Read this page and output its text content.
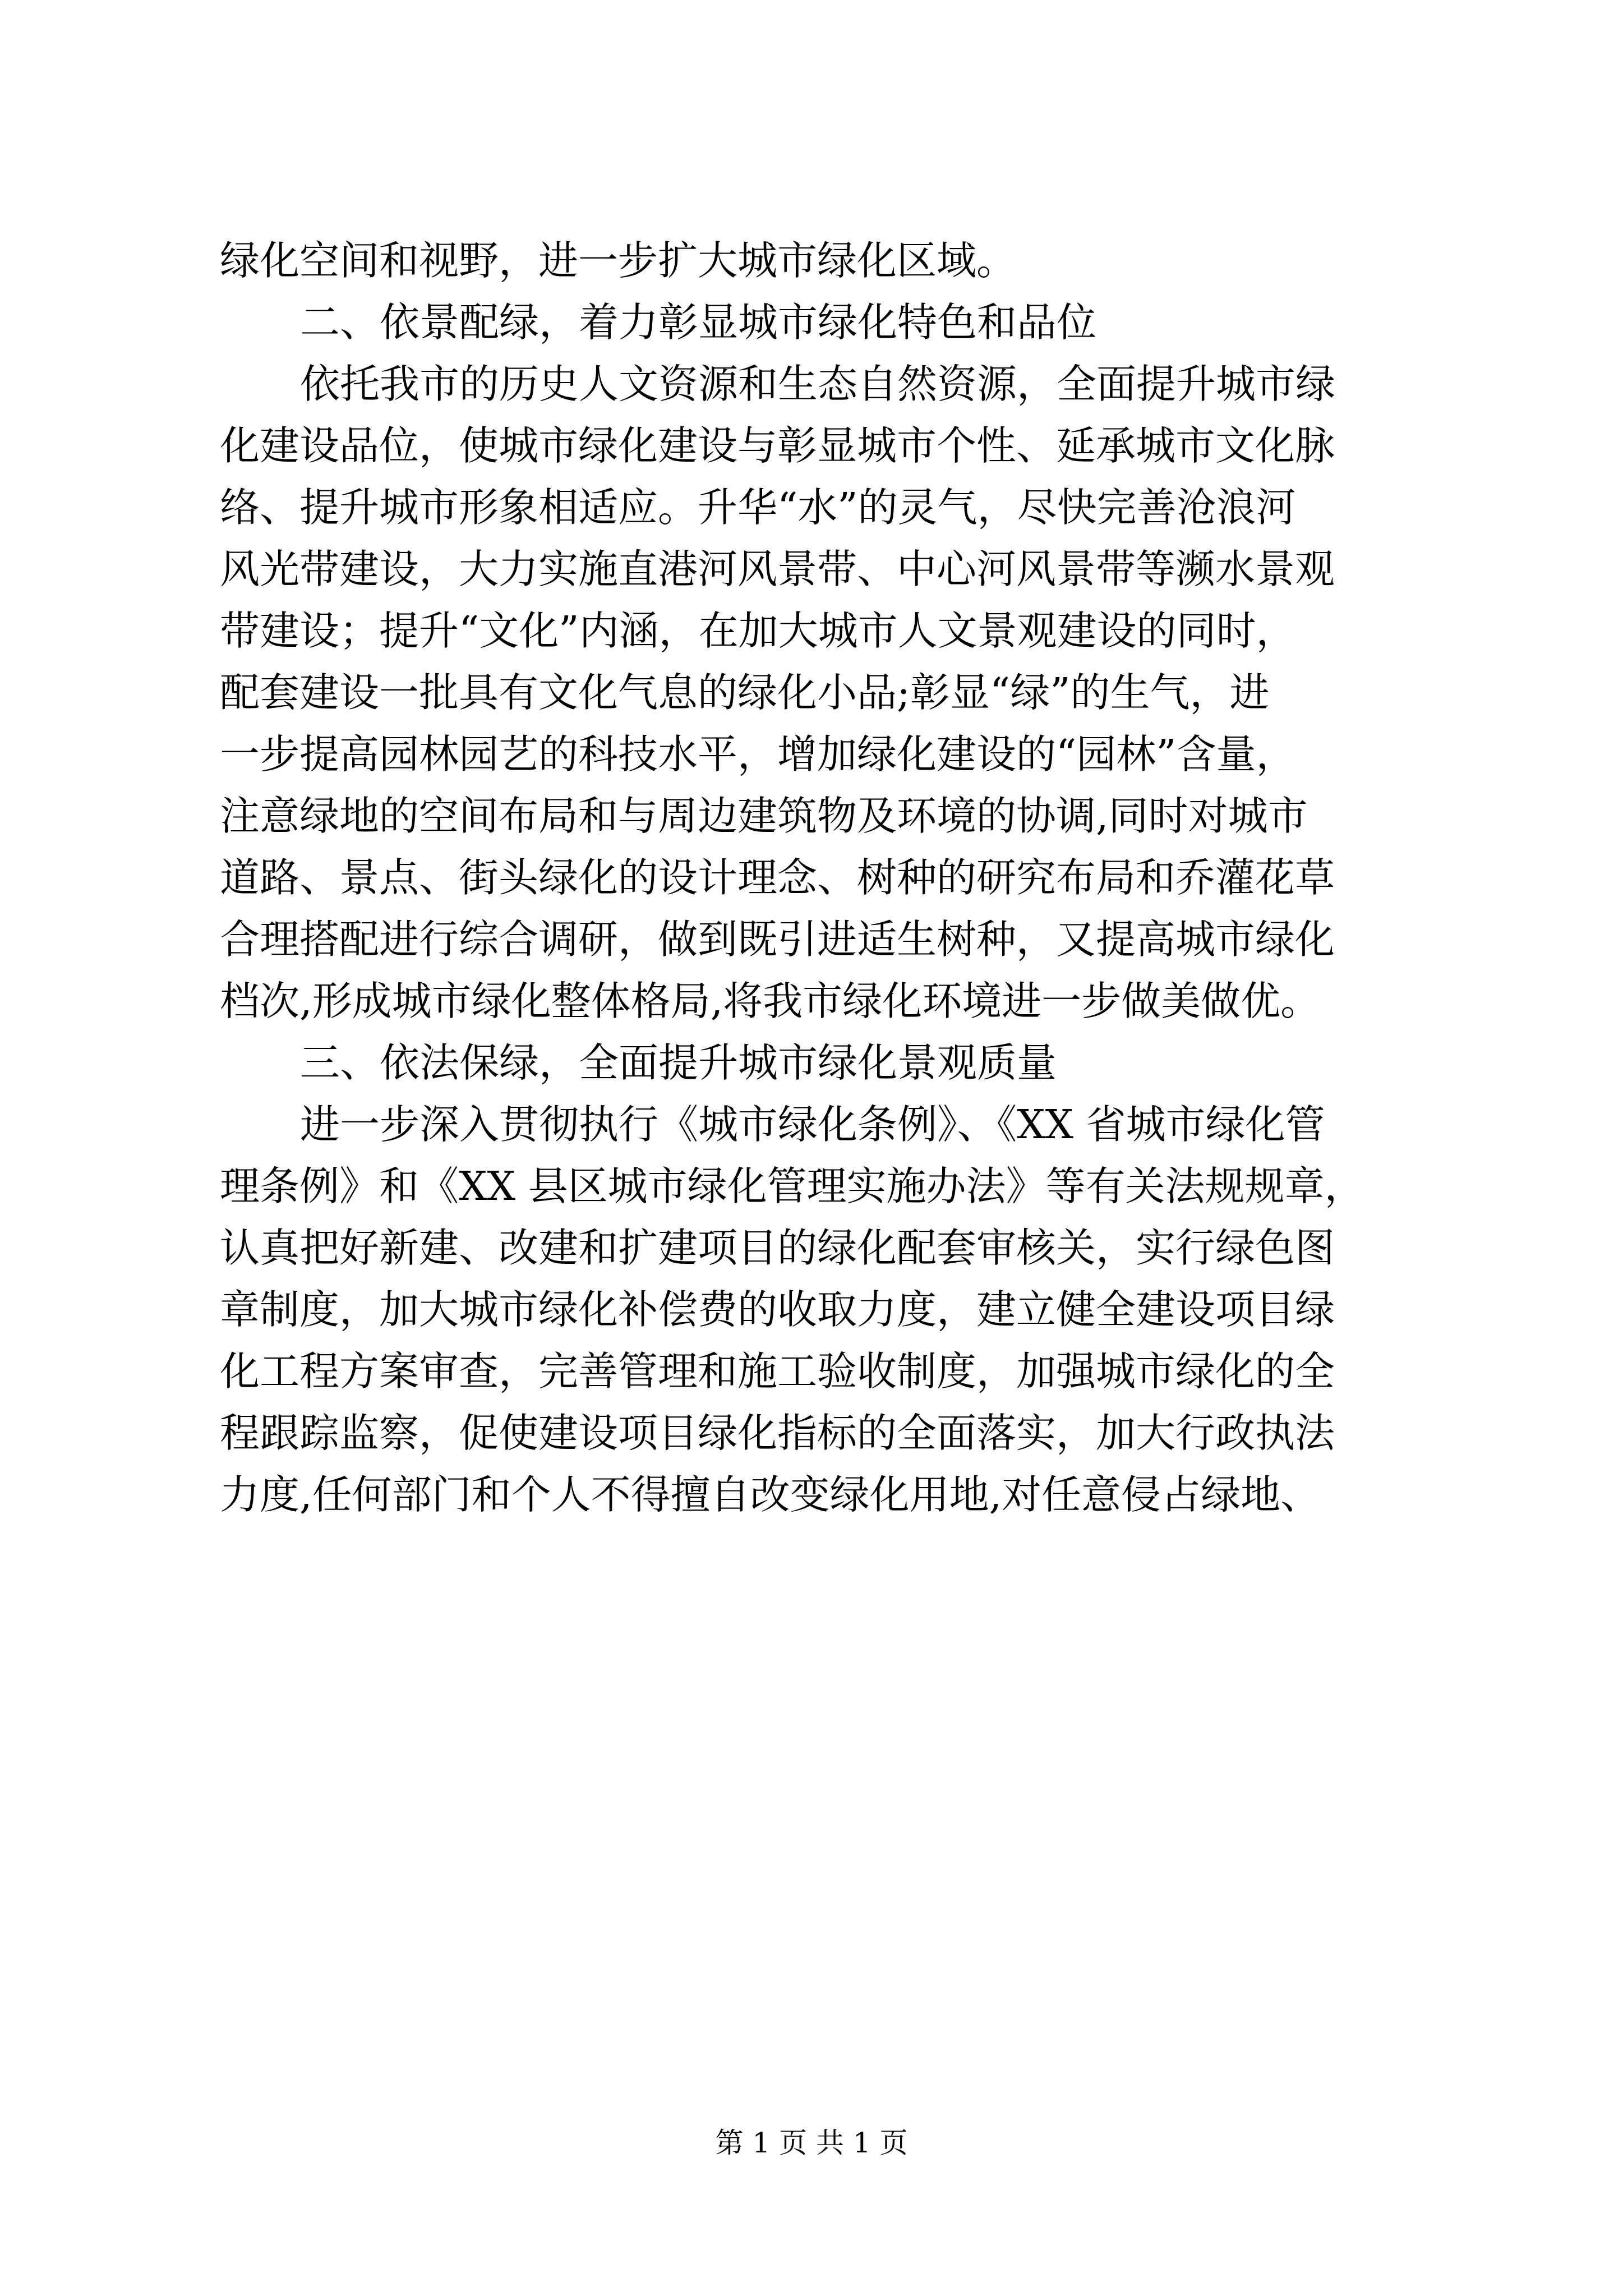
绿化空间和视野，进一步扩大城市绿化区域。
二、依景配绿，着力彰显城市绿化特色和品位
依托我市的历史人文资源和生态自然资源，全面提升城市绿
化建设品位，使城市绿化建设与彰显城市个性、延承城市文化脉
络、提升城市形象相适应。升华“水”的灵气，尽快完善沧浪河
风光带建设，大力实施直港河风景带、中心河风景带等濒水景观
带建设；提升“文化”内涵，在加大城市人文景观建设的同时，
配套建设一批具有文化气息的绿化小品;彰显“绿”的生气，进
一步提高园林园艺的科技水平，增加绿化建设的“园林”含量，
注意绿地的空间布局和与周边建筑物及环境的协调,同时对城市
道路、景点、街头绿化的设计理念、树种的研究布局和乔灌花草
合理搭配进行综合调研，做到既引进适生树种，又提高城市绿化
档次,形成城市绿化整体格局,将我市绿化环境进一步做美做优。
三、依法保绿，全面提升城市绿化景观质量
进一步深入贯彻执行《城市绿化条例》、《XX 省城市绿化管
理条例》和《XX 县区城市绿化管理实施办法》等有关法规规章，
认真把好新建、改建和扩建项目的绿化配套审核关，实行绿色图
章制度，加大城市绿化补偿费的收取力度，建立健全建设项目绿
化工程方案审查，完善管理和施工验收制度，加强城市绿化的全
程跟踪监察，促使建设项目绿化指标的全面落实，加大行政执法
力度,任何部门和个人不得擅自改变绿化用地,对任意侵占绿地、
第 1 页 共 1 页
